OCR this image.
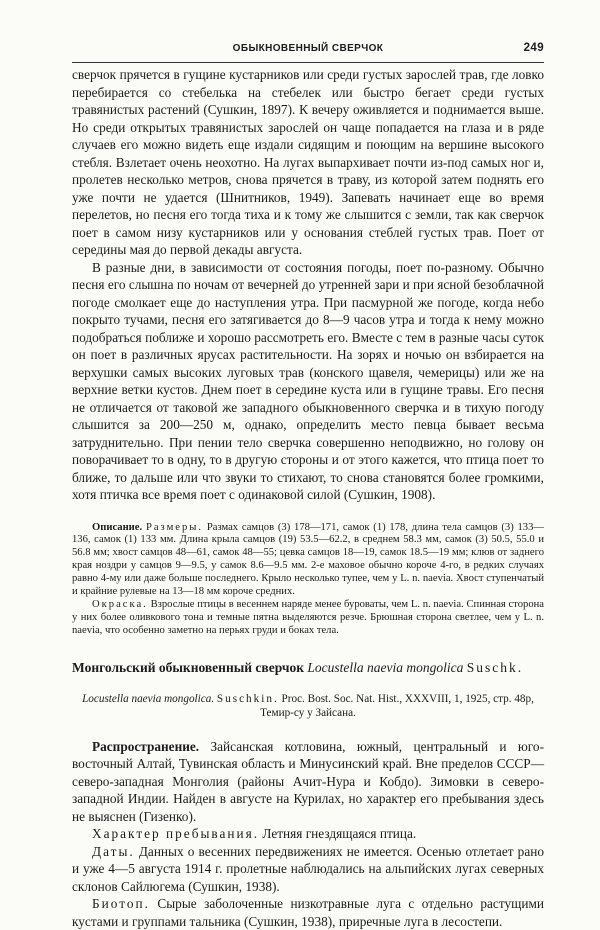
ОБЫКНОВЕННЫЙ СВЕРЧОК	249

сверчок прячется в гущине кустарников или среди густых зарослей трав, где ловко перебирается со стебелька на стебелек или быстро бегает среди густых травянистых растений (Сушкин, 1897). К вечеру оживляется и поднимается выше. Но среди открытых травянистых зарослей он чаще попадается на глаза и в ряде случаев его можно видеть еще издали сидящим и поющим на вершине высокого стебля. Взлетает очень неохотно. На лугах выпархивает почти из-под самых ног и, пролетев несколько метров, снова прячется в траву, из которой затем поднять его уже почти не удается (Шнитников, 1949). Запевать начинает еще во время перелетов, но песня его тогда тиха и к тому же слышится с земли, так как сверчок поет в самом низу кустарников или у основания стеблей густых трав. Поет от середины мая до первой декады августа.

В разные дни, в зависимости от состояния погоды, поет по-разному. Обычно песня его слышна по ночам от вечерней до утренней зари и при ясной безоблачной погоде смолкает еще до наступления утра. При пасмурной же погоде, когда небо покрыто тучами, песня его затягивается до 8—9 часов утра и тогда к нему можно подобраться поближе и хорошо рассмотреть его. Вместе с тем в разные часы суток он поет в различных ярусах растительности. На зорях и ночью он взбирается на верхушки самых высоких луговых трав (конского щавеля, чемерицы) или же на верхние ветки кустов. Днем поет в середине куста или в гущине травы. Его песня не отличается от таковой же западного обыкновенного сверчка и в тихую погоду слышится за 200—250 м, однако, определить место певца бывает весьма затруднительно. При пении тело сверчка совершенно неподвижно, но голову он поворачивает то в одну, то в другую стороны и от этого кажется, что птица поет то ближе, то дальше или что звуки то стихают, то снова становятся более громкими, хотя птичка все время поет с одинаковой силой (Сушкин, 1908).

Описание. Размеры. Размах самцов (3) 178—171, самок (1) 178, длина тела самцов (3) 133—136, самок (1) 133 мм. Длина крыла самцов (19) 53.5—62.2, в среднем 58.3 мм, самок (3) 50.5, 55.0 и 56.8 мм; хвост самцов 48—61, самок 48—55; цевка самцов 18—19, самок 18.5—19 мм; клюв от заднего края ноздри у самцов 9—9.5, у самок 8.6—9.5 мм. 2-е маховое обычно короче 4-го, в редких случаях равно 4-му или даже больше последнего. Крыло несколько тупее, чем у L. n. naevia. Хвост ступенчатый и крайние рулевые на 13—18 мм короче средних.

Окраска. Взрослые птицы в весеннем наряде менее буроваты, чем L. n. naevia. Спинная сторона у них более оливкового тона и темные пятна выделяются резче. Брюшная сторона светлее, чем у L. n. naevia, что особенно заметно на перьях груди и боках тела.

Монгольский обыкновенный сверчок Locustella naevia mongolica Suschk.

Locustella naevia mongolica. Suschkin. Proc. Bost. Soc. Nat. Hist., XXXVIII, 1, 1925, стр. 48р, Темир-су у Зайсана.

Распространение. Зайсанская котловина, южный, центральный и юго-восточный Алтай, Тувинская область и Минусинский край. Вне пределов СССР—северо-западная Монголия (районы Ачит-Нура и Кобдо). Зимовки в северо-западной Индии. Найден в августе на Курилах, но характер его пребывания здесь не выяснен (Гизенко).

Характер пребывания. Летняя гнездящаяся птица.

Даты. Данных о весенних передвижениях не имеется. Осенью отлетает рано и уже 4—5 августа 1914 г. пролетные наблюдались на альпийских лугах северных склонов Сайлюгема (Сушкин, 1938).

Биотоп. Сырые заболоченные низкотравные луга с отдельно растущими кустами и группами тальника (Сушкин, 1938), приречные луга в лесостепи.
